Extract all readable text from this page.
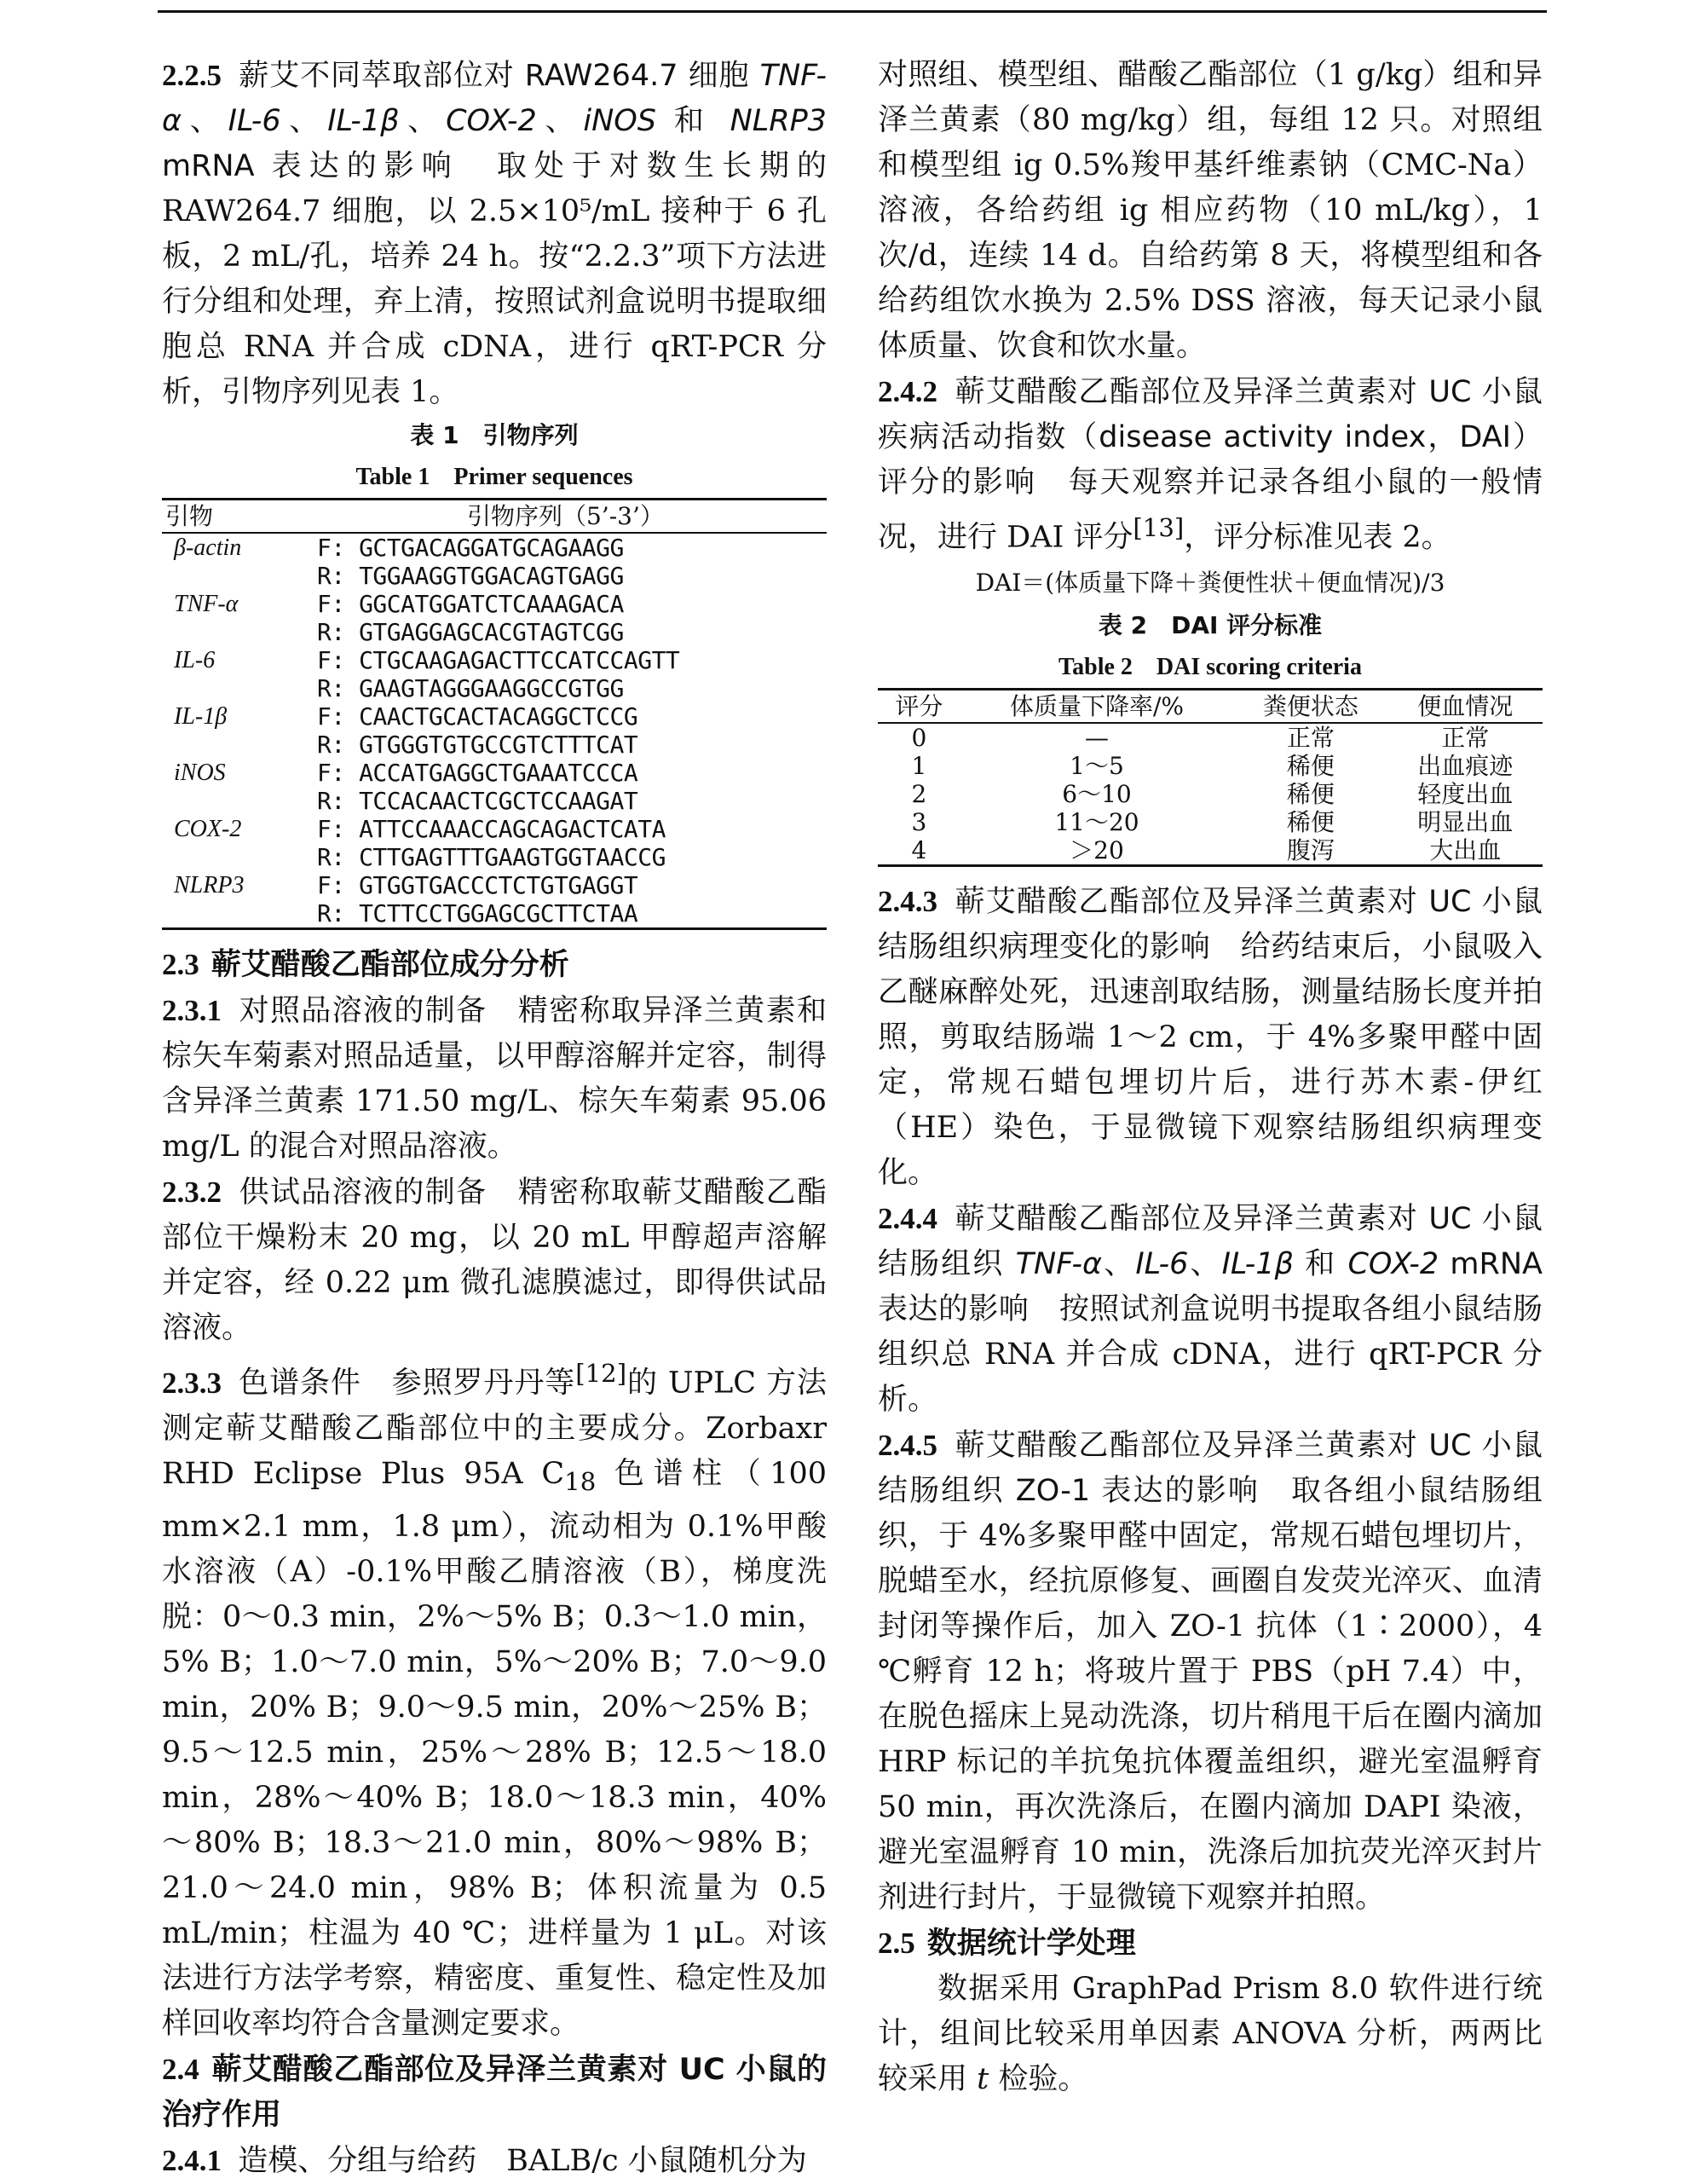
2.2.5 薪艾不同萃取部位对 RAW264.7 细胞 TNF-α、IL-6、IL-1β、COX-2、iNOS 和 NLRP3 mRNA 表达的影响　取处于对数生长期的 RAW264.7 细胞，以 2.5×10⁵/mL 接种于 6 孔板，2 mL/孔，培养 24 h。按“2.2.3”项下方法进行分组和处理，弃上清，按照试剂盒说明书提取细胞总 RNA 并合成 cDNA，进行 qRT-PCR 分析，引物序列见表 1。

表 1　引物序列

Table 1　Primer sequences

引物	引物序列（5’-3’）
β-actin	F: GCTGACAGGATGCAGAAGG
	R: TGGAAGGTGGACAGTGAGG
TNF-α	F: GGCATGGATCTCAAAGACA
	R: GTGAGGAGCACGTAGTCGG
IL-6	F: CTGCAAGAGACTTCCATCCAGTT
	R: GAAGTAGGGAAGGCCGTGG
IL-1β	F: CAACTGCACTACAGGCTCCG
	R: GTGGGTGTGCCGTCTTTCAT
iNOS	F: ACCATGAGGCTGAAATCCCA
	R: TCCACAACTCGCTCCAAGAT
COX-2	F: ATTCCAAACCAGCAGACTCATA
	R: CTTGAGTTTGAAGTGGTAACCG
NLRP3	F: GTGGTGACCCTCTGTGAGGT
	R: TCTTCCTGGAGCGCTTCTAA

2.3 蕲艾醋酸乙酯部位成分分析

2.3.1 对照品溶液的制备　精密称取异泽兰黄素和棕矢车菊素对照品适量，以甲醇溶解并定容，制得含异泽兰黄素 171.50 mg/L、棕矢车菊素 95.06 mg/L 的混合对照品溶液。

2.3.2 供试品溶液的制备　精密称取蕲艾醋酸乙酯部位干燥粉末 20 mg，以 20 mL 甲醇超声溶解并定容，经 0.22 μm 微孔滤膜滤过，即得供试品溶液。

2.3.3 色谱条件　参照罗丹丹等[12]的 UPLC 方法测定蕲艾醋酸乙酯部位中的主要成分。Zorbaxr RHD Eclipse Plus 95A $C_{18}$ 色谱柱（100 mm×2.1 mm，1.8 μm），流动相为 0.1%甲酸水溶液（A）-0.1%甲酸乙腈溶液（B），梯度洗脱：0～0.3 min，2%～5% B；0.3～1.0 min，5% B；1.0～7.0 min，5%～20% B；7.0～9.0 min，20% B；9.0～9.5 min，20%～25% B；9.5～12.5 min，25%～28% B；12.5～18.0 min，28%～40% B；18.0～18.3 min，40%～80% B；18.3～21.0 min，80%～98% B；21.0～24.0 min，98% B；体积流量为 0.5 mL/min；柱温为 40 ℃；进样量为 1 μL。对该法进行方法学考察，精密度、重复性、稳定性及加样回收率均符合含量测定要求。

2.4 蕲艾醋酸乙酯部位及异泽兰黄素对 UC 小鼠的治疗作用

2.4.1 造模、分组与给药　BALB/c 小鼠随机分为

对照组、模型组、醋酸乙酯部位（1 g/kg）组和异泽兰黄素（80 mg/kg）组，每组 12 只。对照组和模型组 ig 0.5%羧甲基纤维素钠（CMC-Na）溶液，各给药组 ig 相应药物（10 mL/kg），1 次/d，连续 14 d。自给药第 8 天，将模型组和各给药组饮水换为 2.5% DSS 溶液，每天记录小鼠体质量、饮食和饮水量。

2.4.2 蕲艾醋酸乙酯部位及异泽兰黄素对 UC 小鼠疾病活动指数（disease activity index，DAI）评分的影响　每天观察并记录各组小鼠的一般情况，进行 DAI 评分[13]，评分标准见表 2。

DAI＝(体质量下降＋粪便性状＋便血情况)/3

表 2　DAI 评分标准

Table 2　DAI scoring criteria

评分	体质量下降率/%	粪便状态	便血情况
0	—	正常	正常
1	1～5	稀便	出血痕迹
2	6～10	稀便	轻度出血
3	11～20	稀便	明显出血
4	＞20	腹泻	大出血

2.4.3 蕲艾醋酸乙酯部位及异泽兰黄素对 UC 小鼠结肠组织病理变化的影响　给药结束后，小鼠吸入乙醚麻醉处死，迅速剖取结肠，测量结肠长度并拍照，剪取结肠端 1～2 cm，于 4%多聚甲醛中固定，常规石蜡包埋切片后，进行苏木素-伊红（HE）染色，于显微镜下观察结肠组织病理变化。

2.4.4 蕲艾醋酸乙酯部位及异泽兰黄素对 UC 小鼠结肠组织 TNF-α、IL-6、IL-1β 和 COX-2 mRNA 表达的影响　按照试剂盒说明书提取各组小鼠结肠组织总 RNA 并合成 cDNA，进行 qRT-PCR 分析。

2.4.5 蕲艾醋酸乙酯部位及异泽兰黄素对 UC 小鼠结肠组织 ZO-1 表达的影响　取各组小鼠结肠组织，于 4%多聚甲醛中固定，常规石蜡包埋切片，脱蜡至水，经抗原修复、画圈自发荧光淬灭、血清封闭等操作后，加入 ZO-1 抗体（1∶2000），4 ℃孵育 12 h；将玻片置于 PBS（pH 7.4）中，在脱色摇床上晃动洗涤，切片稍甩干后在圈内滴加 HRP 标记的羊抗兔抗体覆盖组织，避光室温孵育 50 min，再次洗涤后，在圈内滴加 DAPI 染液，避光室温孵育 10 min，洗涤后加抗荧光淬灭封片剂进行封片，于显微镜下观察并拍照。

2.5 数据统计学处理

数据采用 GraphPad Prism 8.0 软件进行统计，组间比较采用单因素 ANOVA 分析，两两比较采用 t 检验。
